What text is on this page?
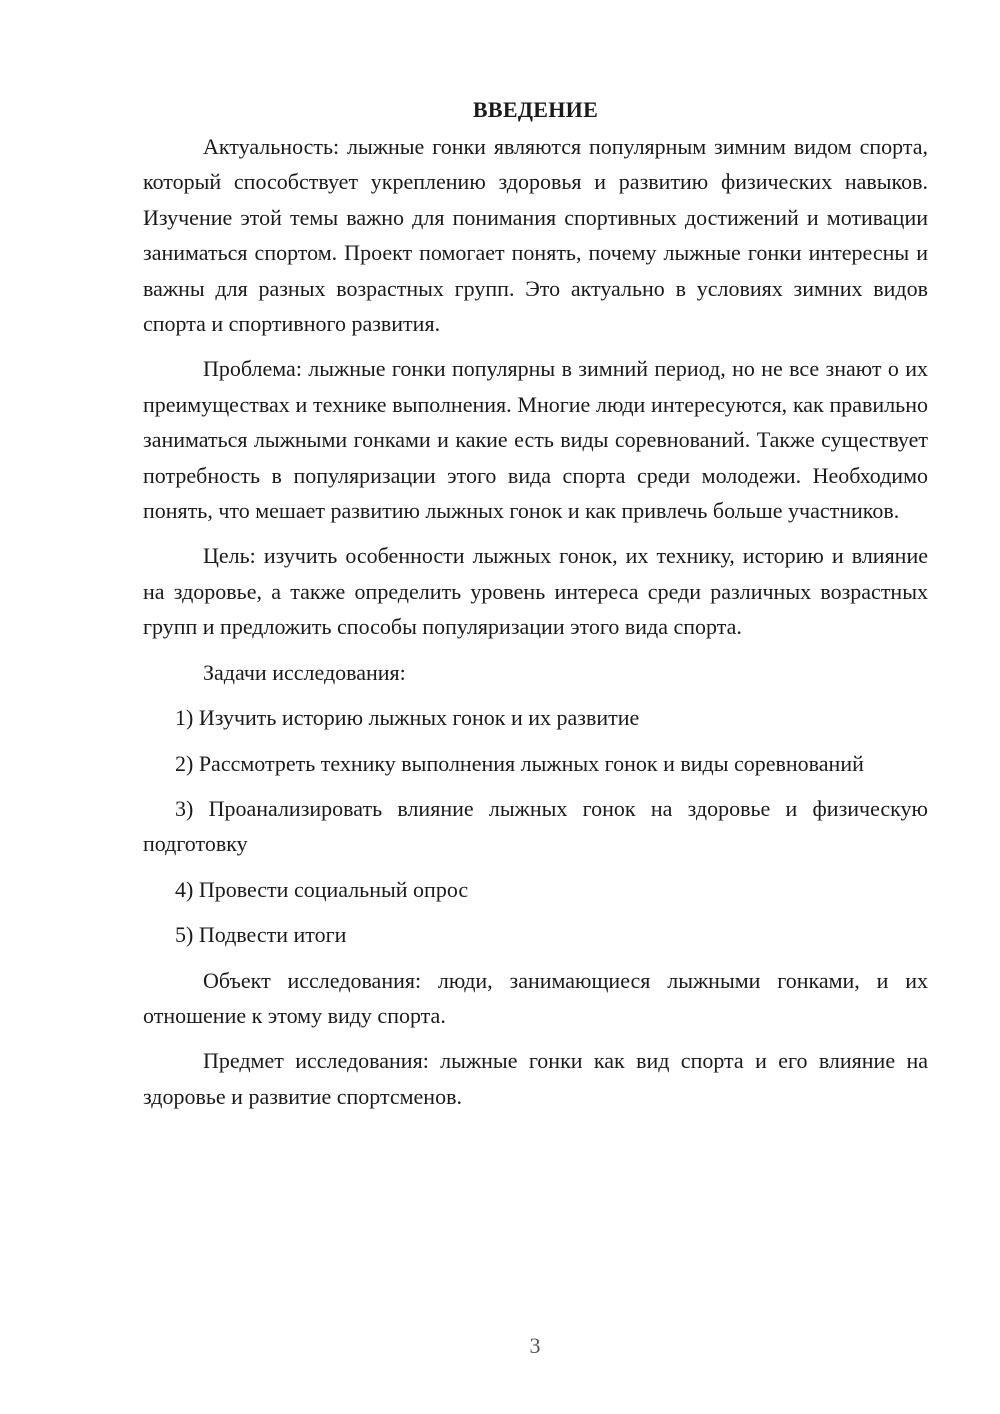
ВВЕДЕНИЕ

Актуальность: лыжные гонки являются популярным зимним видом спорта, который способствует укреплению здоровья и развитию физических навыков. Изучение этой темы важно для понимания спортивных достижений и мотивации заниматься спортом. Проект помогает понять, почему лыжные гонки интересны и важны для разных возрастных групп. Это актуально в условиях зимних видов спорта и спортивного развития.

Проблема: лыжные гонки популярны в зимний период, но не все знают о их преимуществах и технике выполнения. Многие люди интересуются, как правильно заниматься лыжными гонками и какие есть виды соревнований. Также существует потребность в популяризации этого вида спорта среди молодежи. Необходимо понять, что мешает развитию лыжных гонок и как привлечь больше участников.

Цель: изучить особенности лыжных гонок, их технику, историю и влияние на здоровье, а также определить уровень интереса среди различных возрастных групп и предложить способы популяризации этого вида спорта.

Задачи исследования:

1) Изучить историю лыжных гонок и их развитие

2) Рассмотреть технику выполнения лыжных гонок и виды соревнований

3) Проанализировать влияние лыжных гонок на здоровье и физическую подготовку

4) Провести социальный опрос

5) Подвести итоги

Объект исследования: люди, занимающиеся лыжными гонками, и их отношение к этому виду спорта.

Предмет исследования: лыжные гонки как вид спорта и его влияние на здоровье и развитие спортсменов.

3
